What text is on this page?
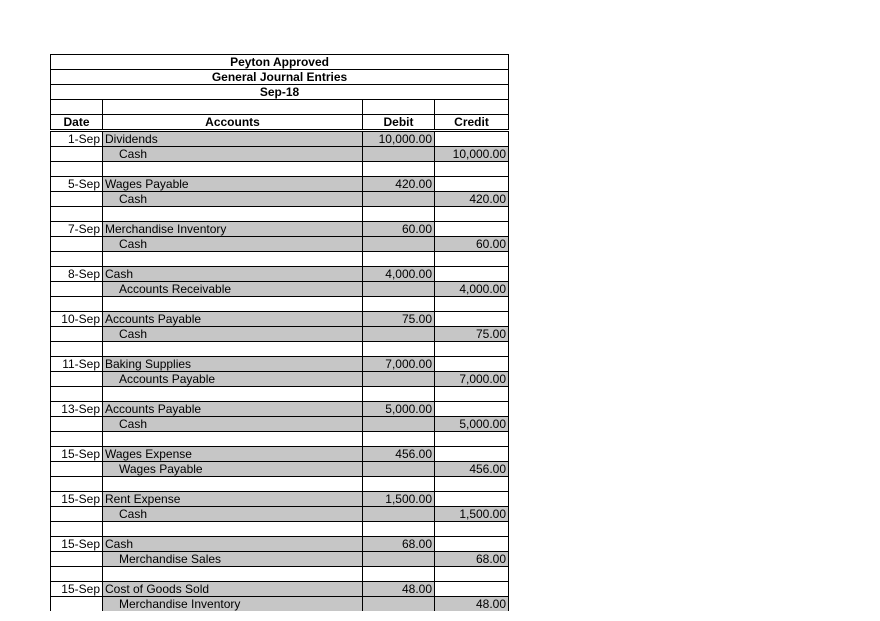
Peyton Approved			
General Journal Entries			
Sep-18			

Date	Accounts	Debit	Credit
1-Sep	Dividends	10,000.00	
	Cash		10,000.00

5-Sep	Wages Payable	420.00	
	Cash		420.00

7-Sep	Merchandise Inventory	60.00	
	Cash		60.00

8-Sep	Cash	4,000.00	
	Accounts Receivable		4,000.00

10-Sep	Accounts Payable	75.00	
	Cash		75.00

11-Sep	Baking Supplies	7,000.00	
	Accounts Payable		7,000.00

13-Sep	Accounts Payable	5,000.00	
	Cash		5,000.00

15-Sep	Wages Expense	456.00	
	Wages Payable		456.00

15-Sep	Rent Expense	1,500.00	
	Cash		1,500.00

15-Sep	Cash	68.00	
	Merchandise Sales		68.00

15-Sep	Cost of Goods Sold	48.00	
	Merchandise Inventory		48.00
